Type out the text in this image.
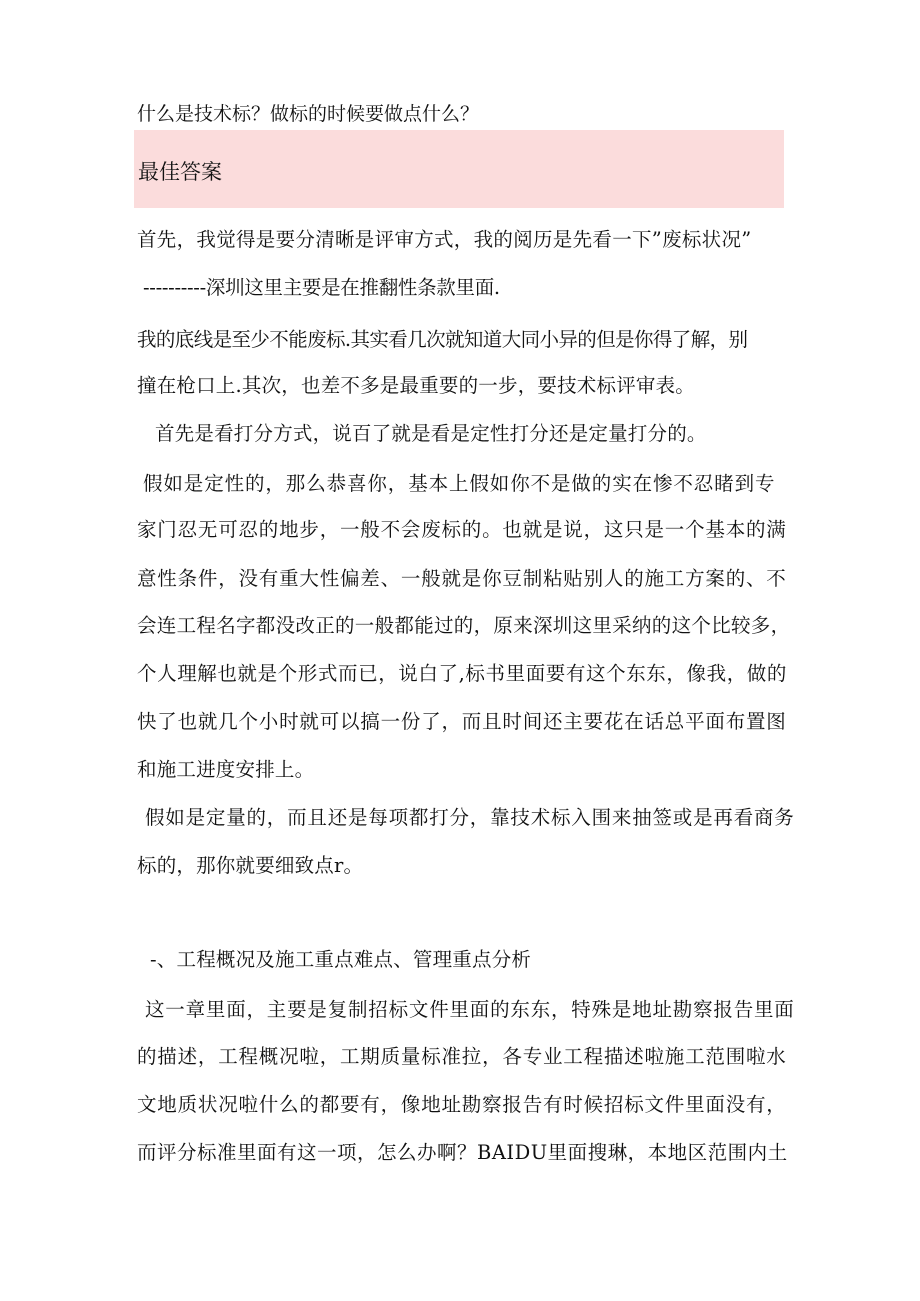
什么是技术标？做标的时候要做点什么？
最佳答案
首先，我觉得是要分清晰是评审方式，我的阅历是先看一下”废标状况”
----------深圳这里主要是在推翻性条款里面.
我的底线是至少不能废标.其实看几次就知道大同小异的但是你得了解，别
撞在枪口上.其次，也差不多是最重要的一步，要技术标评审表。
首先是看打分方式，说百了就是看是定性打分还是定量打分的。
假如是定性的，那么恭喜你，基本上假如你不是做的实在惨不忍睹到专
家门忍无可忍的地步，一般不会废标的。也就是说，这只是一个基本的满
意性条件，没有重大性偏差、一般就是你豆制粘贴别人的施工方案的、不
会连工程名字都没改正的一般都能过的，原来深圳这里采纳的这个比较多，
个人理解也就是个形式而已，说白了,标书里面要有这个东东，像我，做的
快了也就几个小时就可以搞一份了，而且时间还主要花在话总平面布置图
和施工进度安排上。
假如是定量的，而且还是每项都打分，靠技术标入围来抽签或是再看商务
标的，那你就要细致点r。
-、工程概况及施工重点难点、管理重点分析
这一章里面，主要是复制招标文件里面的东东，特殊是地址勘察报告里面
的描述，工程概况啦，工期质量标准拉，各专业工程描述啦施工范围啦水
文地质状况啦什么的都要有，像地址勘察报告有时候招标文件里面没有，
而评分标准里面有这一项，怎么办啊？BAIDU里面搜琳，本地区范围内土
